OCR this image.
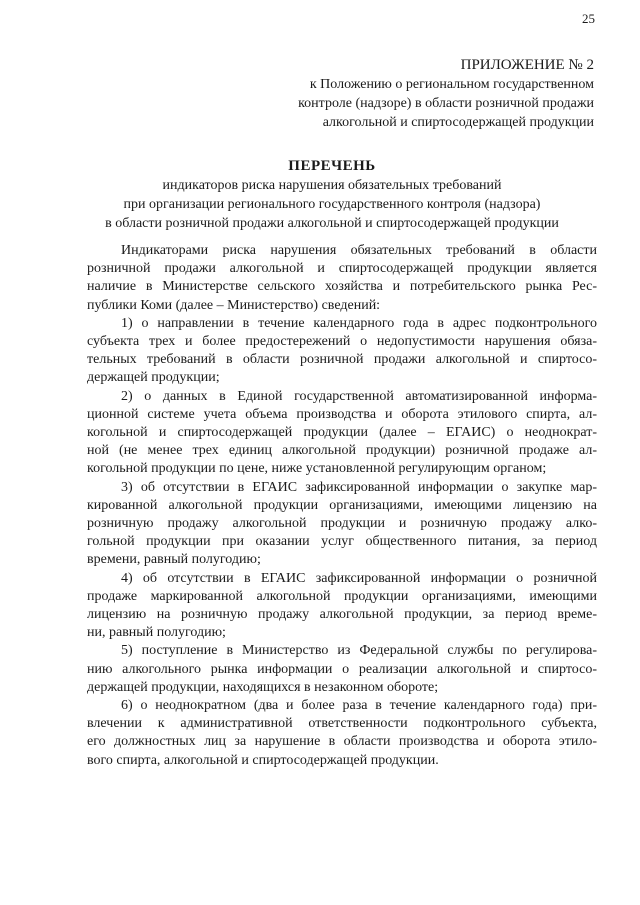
25
ПРИЛОЖЕНИЕ № 2
к Положению о региональном государственном
контроле (надзоре) в области розничной продажи
алкогольной и спиртосодержащей продукции
ПЕРЕЧЕНЬ
индикаторов риска нарушения обязательных требований
при организации регионального государственного контроля (надзора)
в области розничной продажи алкогольной и спиртосодержащей продукции
Индикаторами риска нарушения обязательных требований в области
розничной продажи алкогольной и спиртосодержащей продукции является
наличие в Министерстве сельского хозяйства и потребительского рынка Рес-
публики Коми (далее – Министерство) сведений:
1) о направлении в течение календарного года в адрес подконтрольного
субъекта трех и более предостережений о недопустимости нарушения обяза-
тельных требований в области розничной продажи алкогольной и спиртосо-
держащей продукции;
2) о данных в Единой государственной автоматизированной информа-
ционной системе учета объема производства и оборота этилового спирта, ал-
когольной и спиртосодержащей продукции (далее – ЕГАИС) о неоднократ-
ной (не менее трех единиц алкогольной продукции) розничной продаже ал-
когольной продукции по цене, ниже установленной регулирующим органом;
3) об отсутствии в ЕГАИС зафиксированной информации о закупке мар-
кированной алкогольной продукции организациями, имеющими лицензию на
розничную продажу алкогольной продукции и розничную продажу алко-
гольной продукции при оказании услуг общественного питания, за период
времени, равный полугодию;
4) об отсутствии в ЕГАИС зафиксированной информации о розничной
продаже маркированной алкогольной продукции организациями, имеющими
лицензию на розничную продажу алкогольной продукции, за период време-
ни, равный полугодию;
5) поступление в Министерство из Федеральной службы по регулирова-
нию алкогольного рынка информации о реализации алкогольной и спиртосо-
держащей продукции, находящихся в незаконном обороте;
6) о неоднократном (два и более раза в течение календарного года) при-
влечении к административной ответственности подконтрольного субъекта,
его должностных лиц за нарушение в области производства и оборота этило-
вого спирта, алкогольной и спиртосодержащей продукции.
